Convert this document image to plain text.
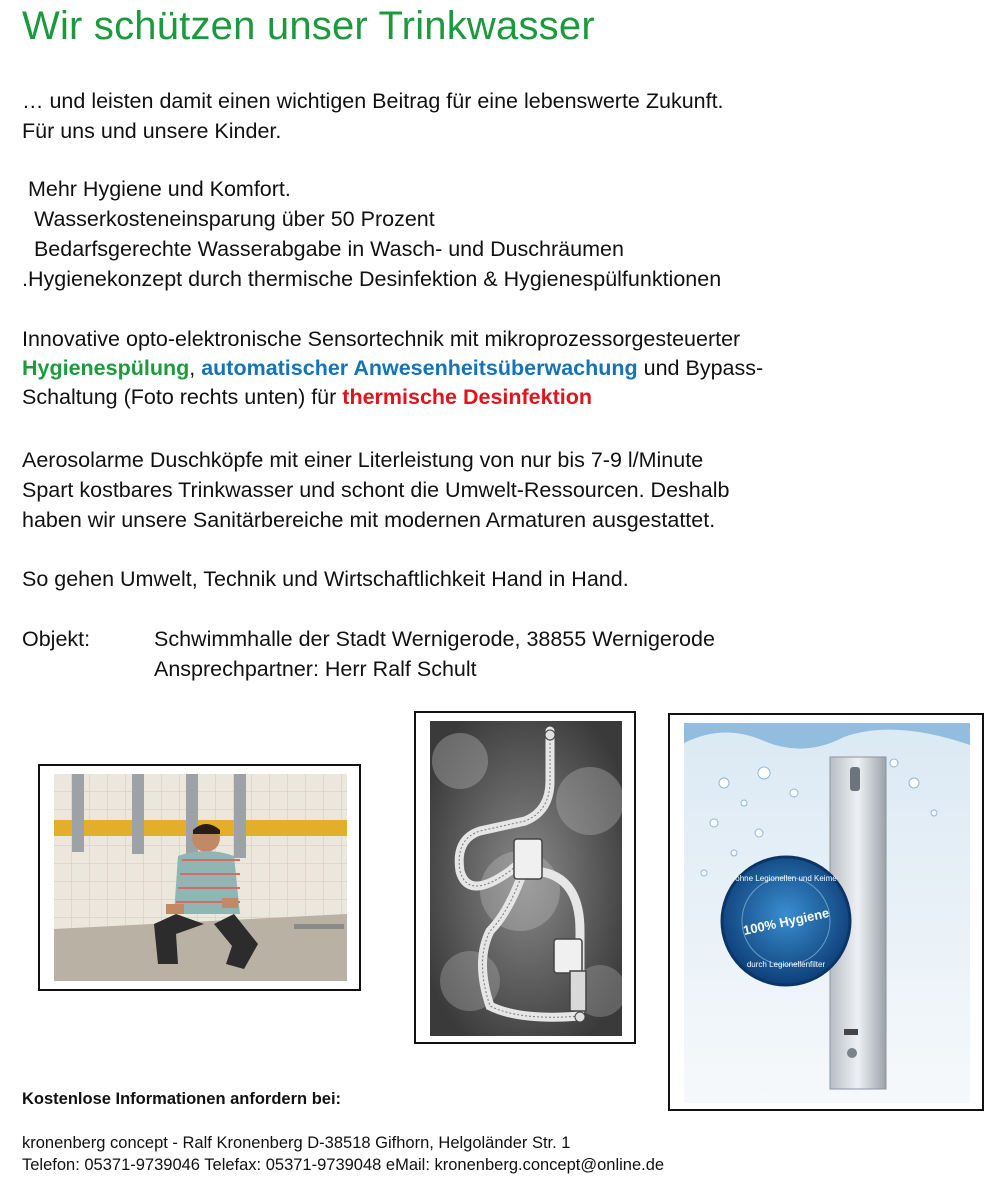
Wir schützen unser Trinkwasser

… und leisten damit einen wichtigen Beitrag für eine lebenswerte Zukunft.

Für uns und unsere Kinder.

Mehr Hygiene und Komfort.

Wasserkosteneinsparung über 50 Prozent

Bedarfsgerechte Wasserabgabe in Wasch- und Duschräumen

.Hygienekonzept durch thermische Desinfektion & Hygienespülfunktionen

Innovative opto-elektronische Sensortechnik mit mikroprozessorgesteuerter

Hygienespülung, automatischer Anwesenheitsüberwachung und Bypass-

Schaltung (Foto rechts unten) für thermische Desinfektion

Aerosolarme Duschköpfe mit einer Literleistung von nur bis 7-9 l/Minute

Spart kostbares Trinkwasser und schont die Umwelt-Ressourcen. Deshalb

haben wir unsere Sanitärbereiche mit modernen Armaturen ausgestattet.

So gehen Umwelt, Technik und Wirtschaftlichkeit Hand in Hand.

Objekt:	Schwimmhalle der Stadt Wernigerode, 38855 Wernigerode
Ansprechpartner: Herr Ralf Schult
ohne Legionellen und Keime
100% Hygiene
durch Legionellenfilter
Kostenlose Informationen anfordern bei:
kronenberg concept - Ralf Kronenberg D-38518 Gifhorn, Helgoländer Str. 1
Telefon: 05371-9739046 Telefax: 05371-9739048 eMail: kronenberg.concept@online.de
